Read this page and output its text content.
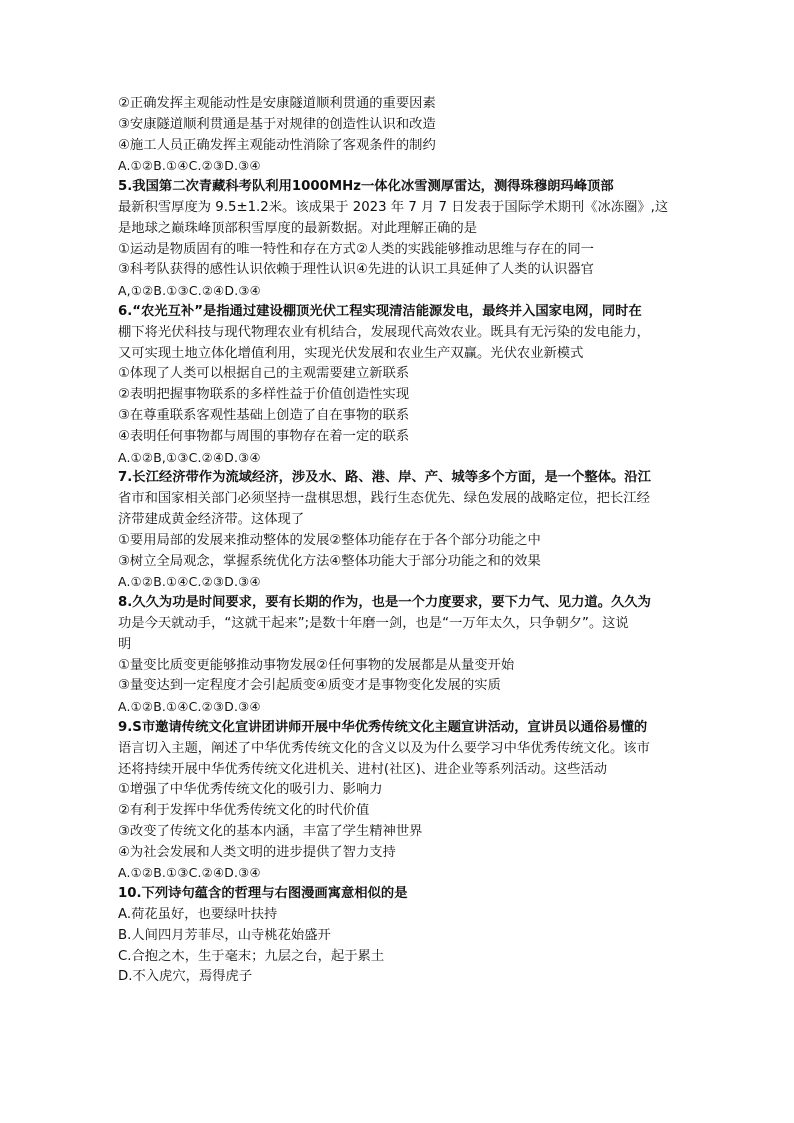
②正确发挥主观能动性是安康隧道顺利贯通的重要因素
③安康隧道顺利贯通是基于对规律的创造性认识和改造
④施工人员正确发挥主观能动性消除了客观条件的制约
A.①②B.①④C.②③D.③④
5.我国第二次青藏科考队利用1000MHz一体化冰雪测厚雷达，测得珠穆朗玛峰顶部
最新积雪厚度为 9.5±1.2米。该成果于 2023 年 7 月 7 日发表于国际学术期刊《冰冻圈》,这
是地球之巅珠峰顶部积雪厚度的最新数据。对此理解正确的是
①运动是物质固有的唯一特性和存在方式②人类的实践能够推动思维与存在的同一
③科考队获得的感性认识依赖于理性认识④先进的认识工具延伸了人类的认识器官
A,①②B.①③C.②④D.③④
6.“农光互补”是指通过建设棚顶光伏工程实现清洁能源发电，最终并入国家电网，同时在
棚下将光伏科技与现代物理农业有机结合，发展现代高效农业。既具有无污染的发电能力，
又可实现土地立体化增值利用，实现光伏发展和农业生产双赢。光伏农业新模式
①体现了人类可以根据自己的主观需要建立新联系
②表明把握事物联系的多样性益于价值创造性实现
③在尊重联系客观性基础上创造了自在事物的联系
④表明任何事物都与周围的事物存在着一定的联系
A.①②B,①③C.②④D.③④
7.长江经济带作为流域经济，涉及水、路、港、岸、产、城等多个方面，是一个整体。沿江
省市和国家相关部门必须坚持一盘棋思想，践行生态优先、绿色发展的战略定位，把长江经
济带建成黄金经济带。这体现了
①要用局部的发展来推动整体的发展②整体功能存在于各个部分功能之中
③树立全局观念，掌握系统优化方法④整体功能大于部分功能之和的效果
A.①②B.①④C.②③D.③④
8.久久为功是时间要求，要有长期的作为，也是一个力度要求，要下力气、见力道。久久为
功是今天就动手，“这就干起来”;是数十年磨一剑，也是“一万年太久，只争朝夕”。这说
明
①量变比质变更能够推动事物发展②任何事物的发展都是从量变开始
③量变达到一定程度才会引起质变④质变才是事物变化发展的实质
A.①②B.①④C.②③D.③④
9.S市邀请传统文化宣讲团讲师开展中华优秀传统文化主题宣讲活动，宣讲员以通俗易懂的
语言切入主题，阐述了中华优秀传统文化的含义以及为什么要学习中华优秀传统文化。该市
还将持续开展中华优秀传统文化进机关、进村(社区)、进企业等系列活动。这些活动
①增强了中华优秀传统文化的吸引力、影响力
②有利于发挥中华优秀传统文化的时代价值
③改变了传统文化的基本内涵，丰富了学生精神世界
④为社会发展和人类文明的进步提供了智力支持
A.①②B.①③C.②④D.③④
10.下列诗句蕴含的哲理与右图漫画寓意相似的是
A.荷花虽好，也要绿叶扶持
B.人间四月芳菲尽，山寺桃花始盛开
C.合抱之木，生于毫末；九层之台，起于累土
D.不入虎穴，焉得虎子
